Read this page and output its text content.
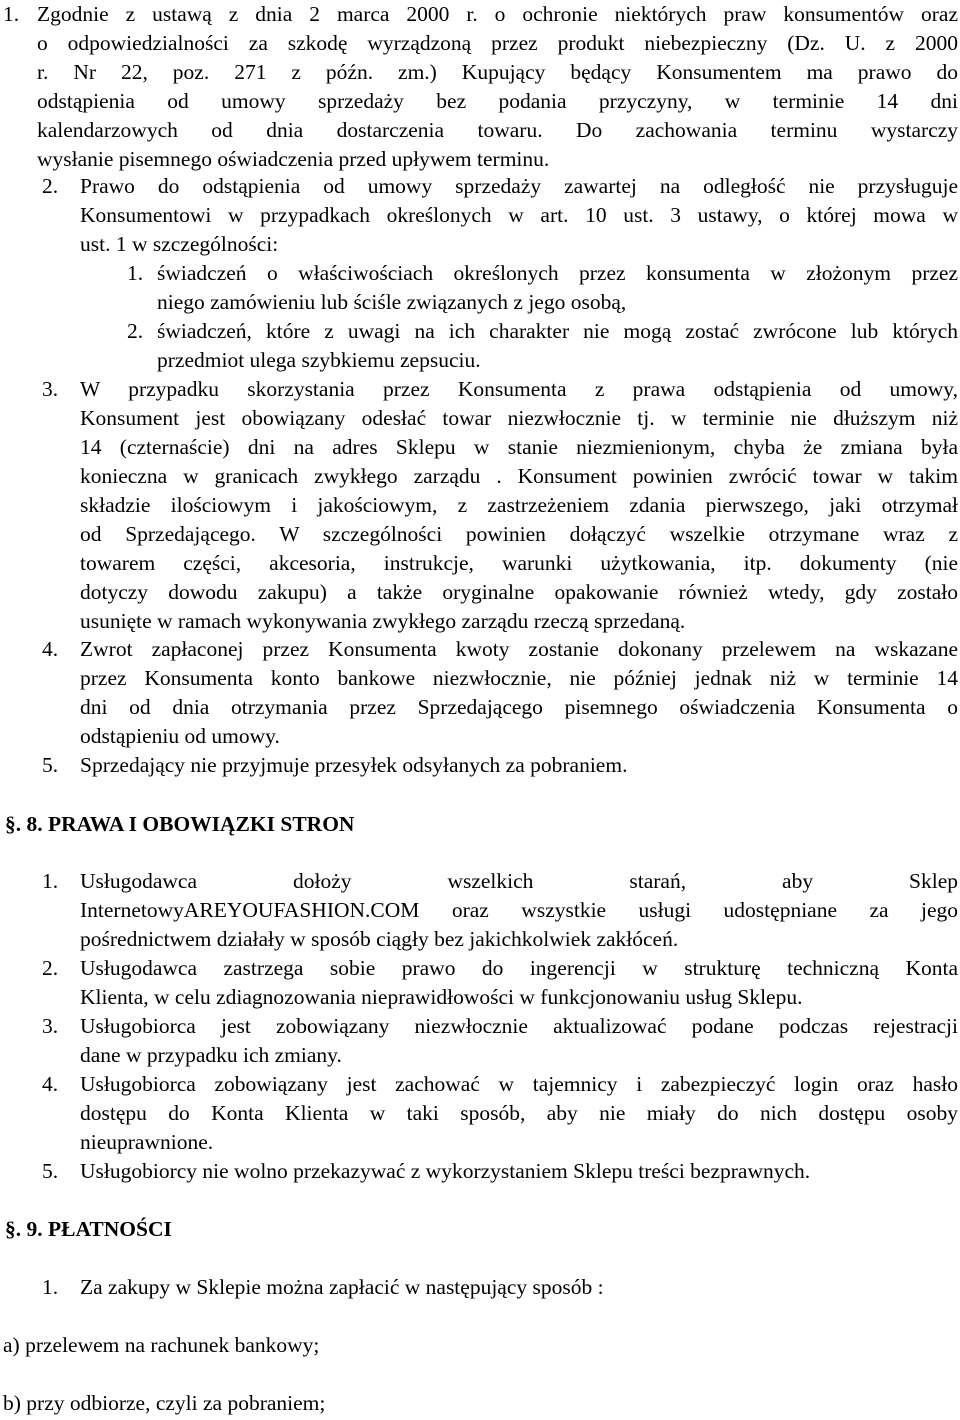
1. Zgodnie z ustawą z dnia 2 marca 2000 r. o ochronie niektórych praw konsumentów oraz
o odpowiedzialności za szkodę wyrządzoną przez produkt niebezpieczny (Dz. U. z 2000
r. Nr 22, poz. 271 z późn. zm.) Kupujący będący Konsumentem ma prawo do
odstąpienia od umowy sprzedaży bez podania przyczyny, w terminie 14 dni
kalendarzowych od dnia dostarczenia towaru. Do zachowania terminu wystarczy
wysłanie pisemnego oświadczenia przed upływem terminu.
2. Prawo do odstąpienia od umowy sprzedaży zawartej na odległość nie przysługuje
Konsumentowi w przypadkach określonych w art. 10 ust. 3 ustawy, o której mowa w
ust. 1 w szczególności:
1. świadczeń o właściwościach określonych przez konsumenta w złożonym przez
niego zamówieniu lub ściśle związanych z jego osobą,
2. świadczeń, które z uwagi na ich charakter nie mogą zostać zwrócone lub których
przedmiot ulega szybkiemu zepsuciu.
3. W przypadku skorzystania przez Konsumenta z prawa odstąpienia od umowy,
Konsument jest obowiązany odesłać towar niezwłocznie tj. w terminie nie dłuższym niż
14 (czternaście) dni na adres Sklepu w stanie niezmienionym, chyba że zmiana była
konieczna w granicach zwykłego zarządu . Konsument powinien zwrócić towar w takim
składzie ilościowym i jakościowym, z zastrzeżeniem zdania pierwszego, jaki otrzymał
od Sprzedającego. W szczególności powinien dołączyć wszelkie otrzymane wraz z
towarem części, akcesoria, instrukcje, warunki użytkowania, itp. dokumenty (nie
dotyczy dowodu zakupu) a także oryginalne opakowanie również wtedy, gdy zostało
usunięte w ramach wykonywania zwykłego zarządu rzeczą sprzedaną.
4. Zwrot zapłaconej przez Konsumenta kwoty zostanie dokonany przelewem na wskazane
przez Konsumenta konto bankowe niezwłocznie, nie później jednak niż w terminie 14
dni od dnia otrzymania przez Sprzedającego pisemnego oświadczenia Konsumenta o
odstąpieniu od umowy.
5. Sprzedający nie przyjmuje przesyłek odsyłanych za pobraniem.
§. 8. PRAWA I OBOWIĄZKI STRON
1. Usługodawca dołoży wszelkich starań, aby Sklep
InternetowyAREYOUFASHION.COM oraz wszystkie usługi udostępniane za jego
pośrednictwem działały w sposób ciągły bez jakichkolwiek zakłóceń.
2. Usługodawca zastrzega sobie prawo do ingerencji w strukturę techniczną Konta
Klienta, w celu zdiagnozowania nieprawidłowości w funkcjonowaniu usług Sklepu.
3. Usługobiorca jest zobowiązany niezwłocznie aktualizować podane podczas rejestracji
dane w przypadku ich zmiany.
4. Usługobiorca zobowiązany jest zachować w tajemnicy i zabezpieczyć login oraz hasło
dostępu do Konta Klienta w taki sposób, aby nie miały do nich dostępu osoby
nieuprawnione.
5. Usługobiorcy nie wolno przekazywać z wykorzystaniem Sklepu treści bezprawnych.
§. 9. PŁATNOŚCI
1. Za zakupy w Sklepie można zapłacić w następujący sposób :
a) przelewem na rachunek bankowy;
b) przy odbiorze, czyli za pobraniem;
